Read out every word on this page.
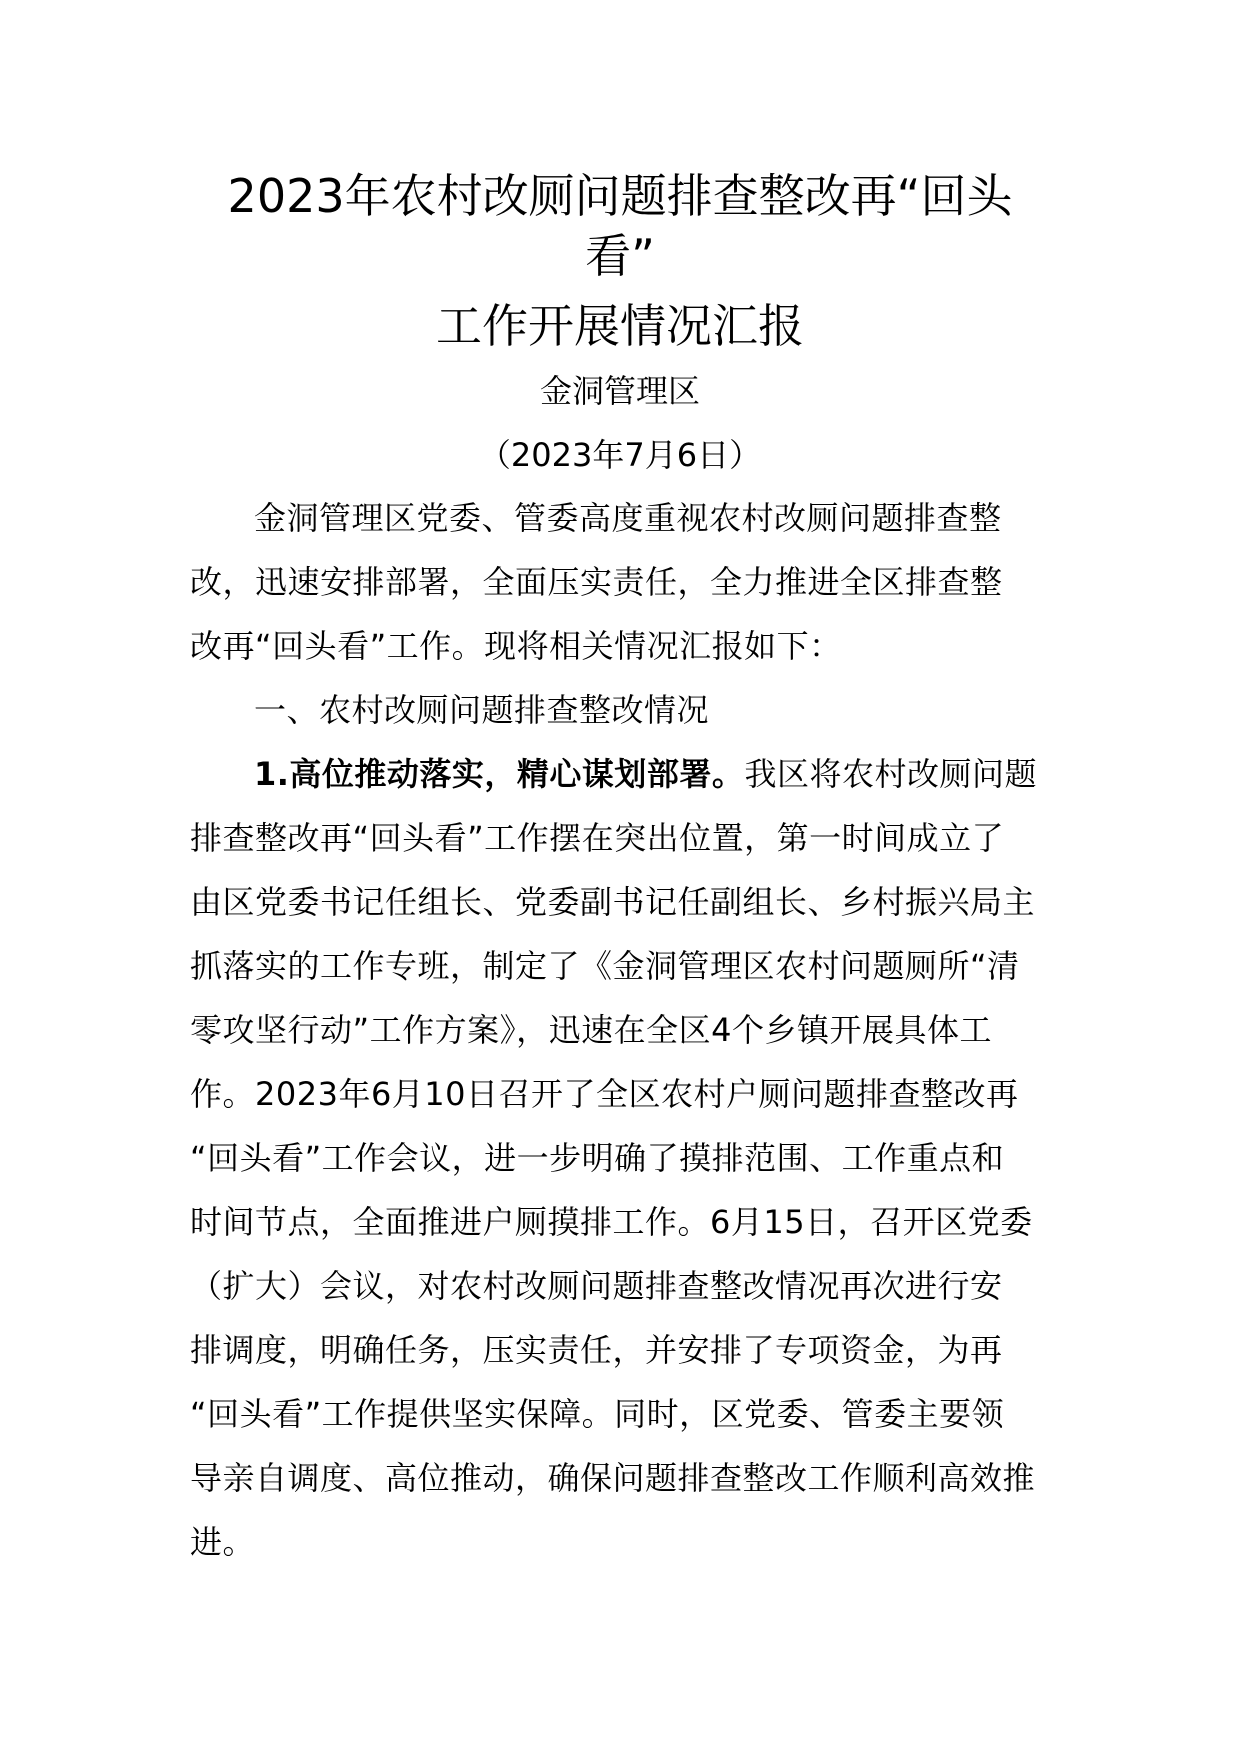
2023年农村改厕问题排查整改再“回头
看”
工作开展情况汇报
金洞管理区
（2023年7月6日）
金洞管理区党委、管委高度重视农村改厕问题排查整
改，迅速安排部署，全面压实责任，全力推进全区排查整
改再“回头看”工作。现将相关情况汇报如下：
一、农村改厕问题排查整改情况
1.高位推动落实，精心谋划部署。我区将农村改厕问题
排查整改再“回头看”工作摆在突出位置，第一时间成立了
由区党委书记任组长、党委副书记任副组长、乡村振兴局主
抓落实的工作专班，制定了《金洞管理区农村问题厕所“清
零攻坚行动”工作方案》，迅速在全区4个乡镇开展具体工
作。2023年6月10日召开了全区农村户厕问题排查整改再
“回头看”工作会议，进一步明确了摸排范围、工作重点和
时间节点，全面推进户厕摸排工作。6月15日，召开区党委
（扩大）会议，对农村改厕问题排查整改情况再次进行安
排调度，明确任务，压实责任，并安排了专项资金，为再
“回头看”工作提供坚实保障。同时，区党委、管委主要领
导亲自调度、高位推动，确保问题排查整改工作顺利高效推
进。
